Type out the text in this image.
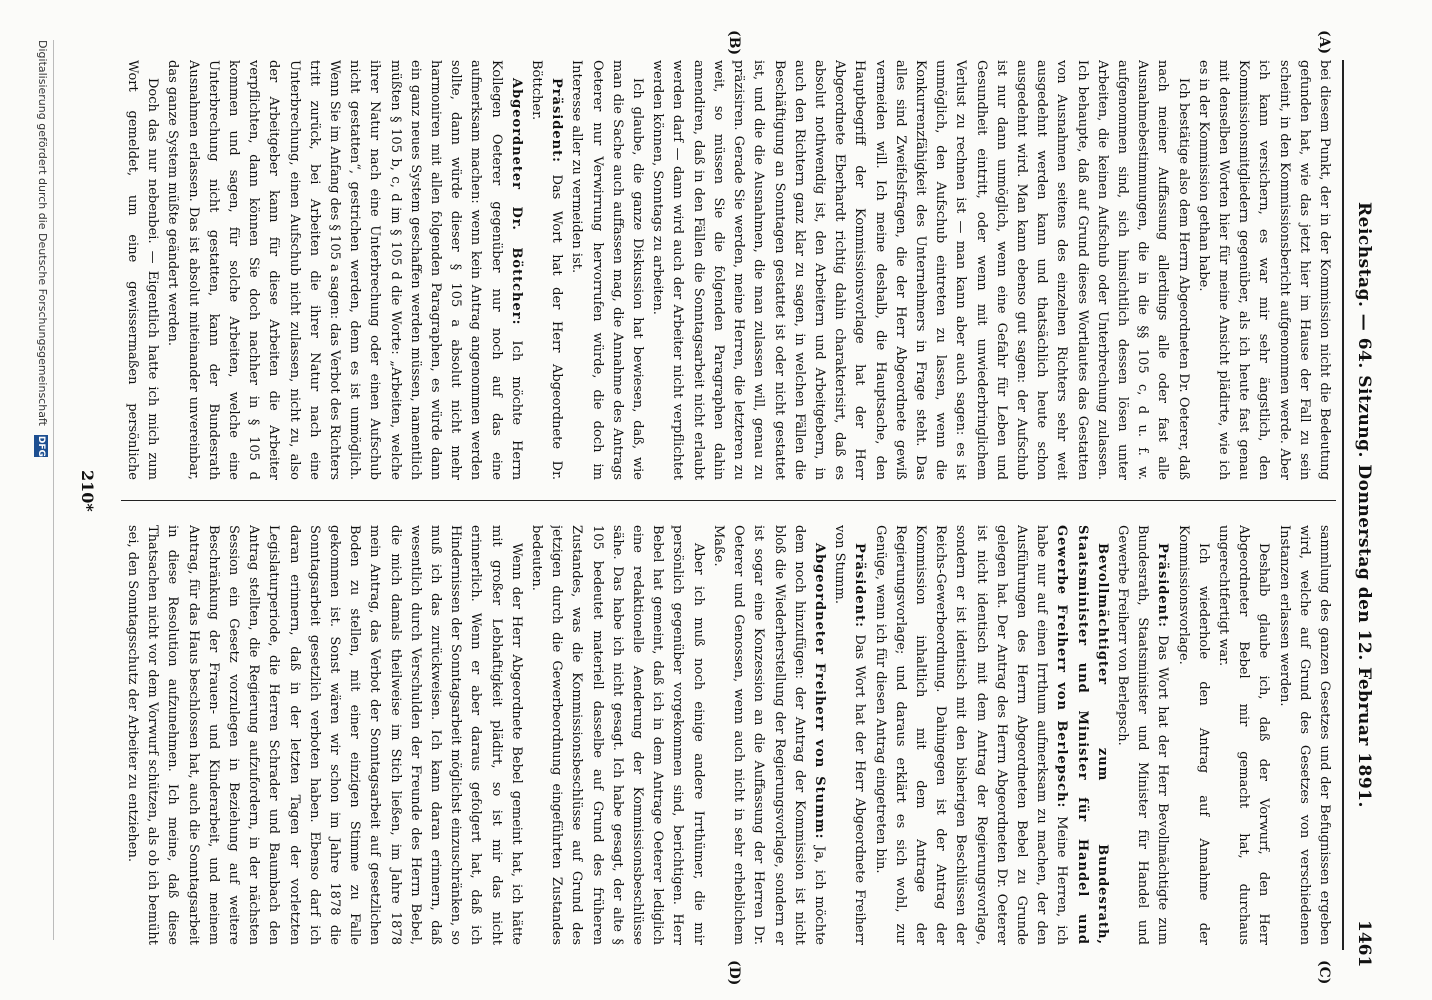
Reichstag. — 64. Sitzung. Donnerstag den 12. Februar 1891.
(A)
(B)
(C)
(D)

bei diesem Punkt, der in der Kommission nicht die Bedeutung gefunden hat, wie das jetzt hier im Hause der Fall zu sein scheint, in den Kommissionsbericht aufgenommen werde. Aber ich kann versichern, es war mir sehr ängstlich, den Kommissionsmitgliedern gegenüber, als ich heute fast genau mit denselben Worten hier für meine Ansicht plädirte, wie ich es in der Kommission gethan habe.

Ich bestätige also dem Herrn Abgeordneten Dr. Oeterer, daß nach meiner Auffassung allerdings alle oder fast alle Ausnahmebestimmungen, die in die §§ 105 c, d u. f. w. aufgenommen sind, sich hinsichtlich dessen lösen unter Arbeiten, die keinen Aufschub oder Unterbrechung zulassen. Ich behaupte, daß auf Grund dieses Wortlautes das Gestatten von Ausnahmen seitens des einzelnen Richters sehr weit ausgedehnt werden kann und thatsächlich heute schon ausgedehnt wird. Man kann ebenso gut sagen: der Aufschub ist nur dann unmöglich, wenn eine Gefahr für Leben und Gesundheit eintritt, oder wenn mit unwiederbringlichem Verlust zu rechnen ist — man kann aber auch sagen: es ist unmöglich, den Aufschub eintreten zu lassen, wenn die Konkurrenzfähigkeit des Unternehmers in Frage steht. Das alles sind Zweifelsfragen, die der Herr Abgeordnete gewiß vermeiden will. Ich meine deshalb, die Hauptsache, den Hauptbegriff der Kommissionsvorlage hat der Herr Abgeordnete Eberhardt richtig dahin charakterisirt, daß es absolut nothwendig ist, den Arbeitern und Arbeitgebern, in auch den Richtern ganz klar zu sagen, in welchen Fällen die Beschäftigung an Sonntagen gestattet ist oder nicht gestattet ist, und die die Ausnahmen, die man zulassen will, genau zu präzisiren. Gerade Sie werden, meine Herren, die letzteren zu weit, so müssen Sie die folgenden Paragraphen dahin amendiren, daß in den Fällen die Sonntagsarbeit nicht erlaubt werden darf — dann wird auch der Arbeiter nicht verpflichtet werden können, Sonntags zu arbeiten.

Ich glaube, die ganze Diskussion hat bewiesen, daß, wie man die Sache auch auffassen mag, die Annahme des Antrags Oeterer nur Verwirrung hervorrufen würde, die doch im Interesse aller zu vermeiden ist.

Präsident: Das Wort hat der Herr Abgeordnete Dr. Böttcher.

Abgeordneter Dr. Böttcher: Ich möchte Herrn Kollegen Oeterer gegenüber nur noch auf das eine aufmerksam machen: wenn kein Antrag angenommen werden sollte, dann würde dieser § 105 a absolut nicht mehr harmoniren mit allen folgenden Paragraphen, es würde dann ein ganz neues System geschaffen werden müssen, namentlich müßten § 105 b, c, d im § 105 d die Worte: „Arbeiten, welche ihrer Natur nach eine Unterbrechung oder einen Aufschub nicht gestatten“, gestrichen werden, denn es ist unmöglich. Wenn Sie im Anfang des § 105 a sagen: das Verbot des Richters tritt zurück, bei Arbeiten die ihrer Natur nach eine Unterbrechung, einen Aufschub nicht zulassen, nicht zu, also der Arbeitgeber kann für diese Arbeiten die Arbeiter verpflichten, dann können Sie doch nachher in § 105 d kommen und sagen, für solche Arbeiten, welche eine Unterbrechung nicht gestatten, kann der Bundesrath Ausnahmen erlassen. Das ist absolut miteinander unvereinbar, das ganze System müßte geändert werden.

Doch das nur nebenbei. — Eigentlich hatte ich mich zum Wort gemeldet, um eine gewissermaßen persönliche

sammlung des ganzen Gesetzes und der Befugnissen ergeben wird, welche auf Grund des Gesetzes von verschiedenen Instanzen erlassen werden.

Deshalb glaube ich, daß der Vorwurf, den Herr Abgeordneter Bebel mir gemacht hat, durchaus ungerechtfertigt war.

Ich wiederhole den Antrag auf Annahme der Kommissionsvorlage.

Präsident: Das Wort hat der Herr Bevollmächtigte zum Bundesrath, Staatsminister und Minister für Handel und Gewerbe Freiherr von Berlepsch.

Bevollmächtigter zum Bundesrath, Staatsminister und Minister für Handel und Gewerbe Freiherr von Berlepsch: Meine Herren, ich habe nur auf einen Irrthum aufmerksam zu machen, der den Ausführungen des Herrn Abgeordneten Bebel zu Grunde gelegen hat. Der Antrag des Herrn Abgeordneten Dr. Oeterer ist nicht identisch mit dem Antrag der Regierungsvorlage, sondern er ist identisch mit den bisherigen Beschlüssen der Reichs-Gewerbeordnung. Dahingegen ist der Antrag der Kommission inhaltlich mit dem Antrage der Regierungsvorlage; und daraus erklärt es sich wohl, zur Genüge, wenn ich für diesen Antrag eingetreten bin.

Präsident: Das Wort hat der Herr Abgeordnete Freiherr von Stumm.

Abgeordneter Freiherr von Stumm: Ja, ich möchte dem noch hinzufügen: der Antrag der Kommission ist nicht bloß die Wiederherstellung der Regierungsvorlage, sondern er ist sogar eine Konzession an die Auffassung der Herren Dr. Oeterer und Genossen, wenn auch nicht in sehr erheblichem Maße.

Aber ich muß noch einige andere Irrthümer, die mir persönlich gegenüber vorgekommen sind, berichtigen. Herr Bebel hat gemeint, daß ich in dem Antrage Oeterer lediglich eine redaktionelle Aenderung der Kommissionsbeschlüsse sähe. Das habe ich nicht gesagt. Ich habe gesagt, der alte § 105 bedeutet materiell dasselbe auf Grund des früheren Zustandes, was die Kommissionsbeschlüsse auf Grund des jetzigen durch die Gewerbeordnung eingeführten Zustandes bedeuten.

Wenn der Herr Abgeordnete Bebel gemeint hat, ich hätte mit großer Lebhaftigkeit plädirt, so ist mir das nicht erinnerlich. Wenn er aber daraus gefolgert hat, daß ich Hindernissen der Sonntagsarbeit möglichst einzuschränken, so muß ich das zurückweisen. Ich kann daran erinnern, daß wesentlich durch Verschulden der Freunde des Herrn Bebel, die mich damals theilweise im Stich ließen, im Jahre 1878 mein Antrag, das Verbot der Sonntagsarbeit auf gesetzlichen Boden zu stellen, mit einer einzigen Stimme zu Falle gekommen ist. Sonst wären wir schon im Jahre 1878 die Sonntagsarbeit gesetzlich verboten haben. Ebenso darf ich daran erinnern, daß in der letzten Tagen der vorletzten Legislaturperiode, die Herren Schrader und Baumbach den Antrag stellten, die Regierung aufzufordern, in der nächsten Session ein Gesetz vorzulegen in Beziehung auf weitere Beschränkung der Frauen- und Kinderarbeit, und meinem Antrag, für das Haus beschlossen hat, auch die Sonntagsarbeit in diese Resolution aufzunehmen. Ich meine, daß diese Thatsachen nicht vor dem Vorwurf schützen, als ob ich bemüht sei, den Sonntagsschutz der Arbeiter zu entziehen.

210*
Digitalisierung gefördert durch die Deutsche Forschungsgemeinschaft DFG
1461
